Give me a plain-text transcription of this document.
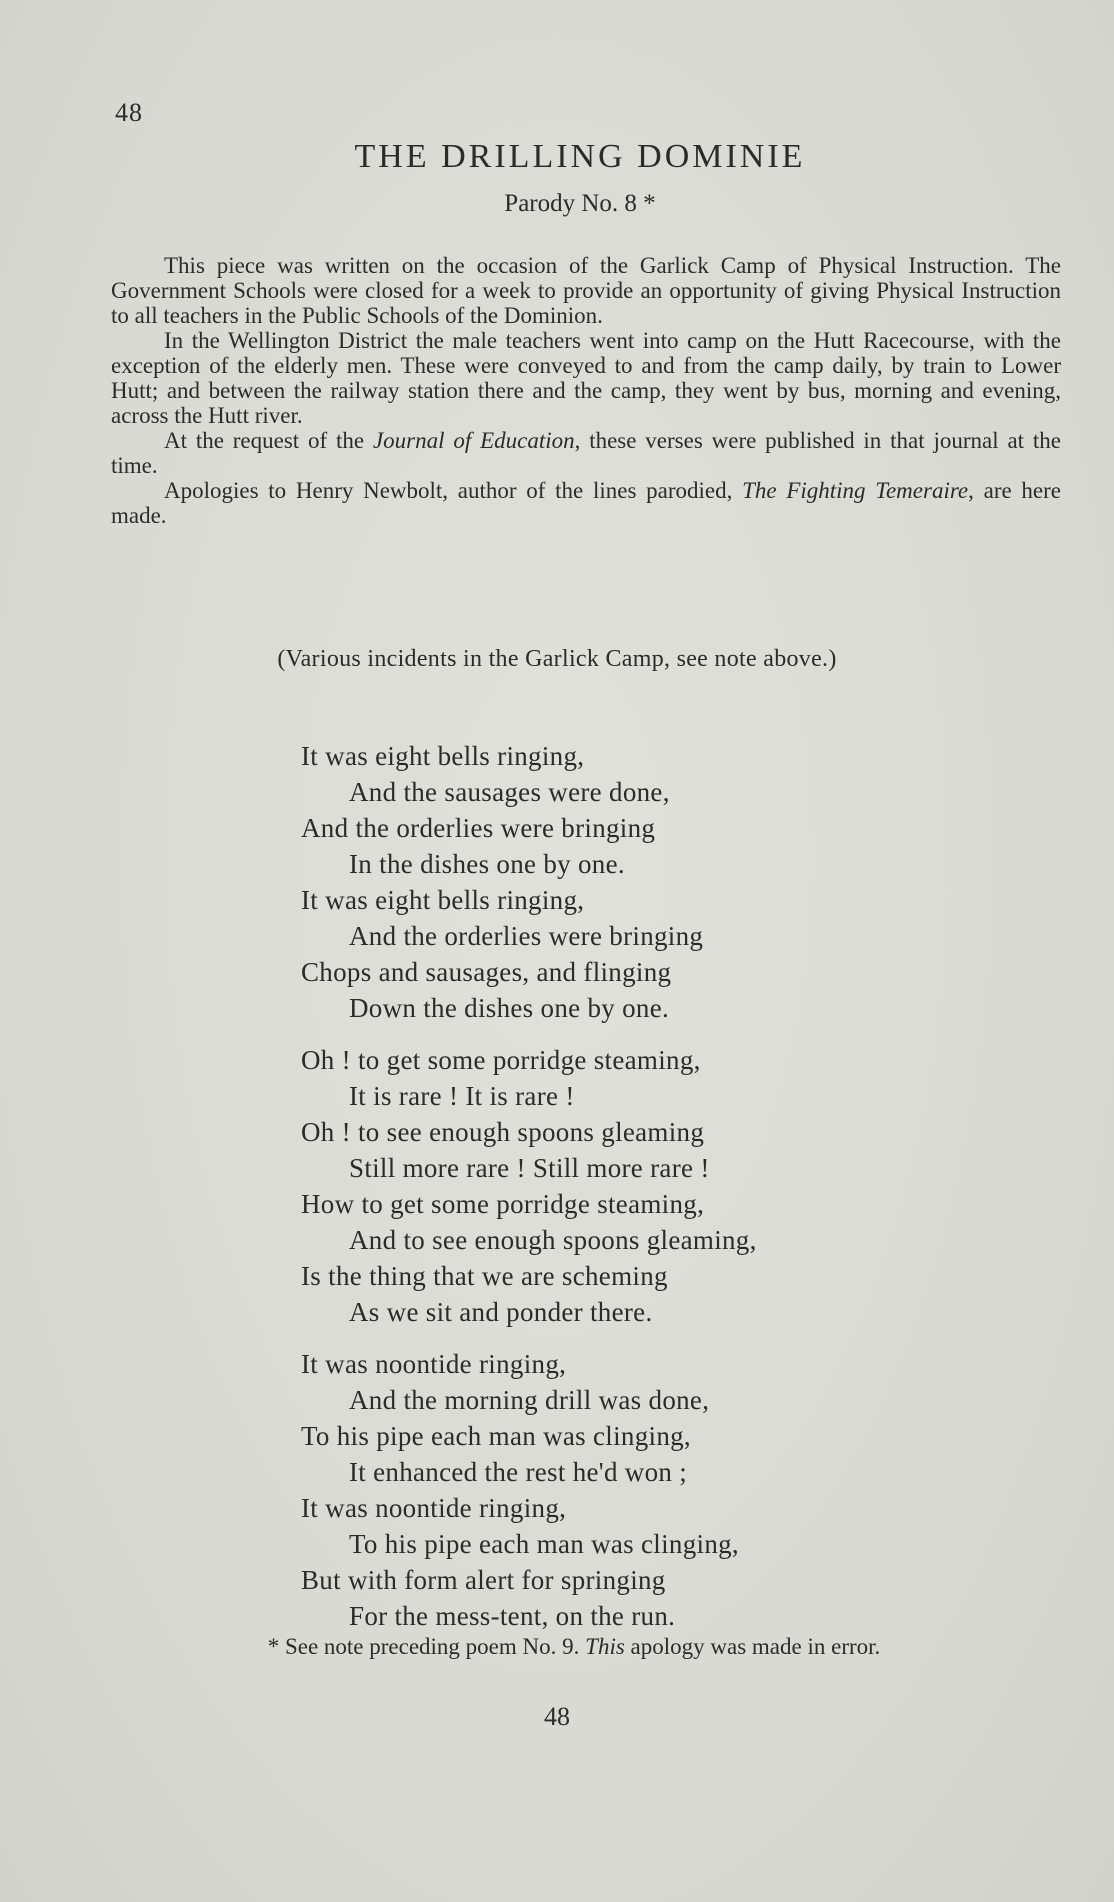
48
THE DRILLING DOMINIE
Parody No. 8 *

This piece was written on the occasion of the Garlick Camp of Physical Instruction. The Government Schools were closed for a week to provide an opportunity of giving Physical Instruction to all teachers in the Public Schools of the Dominion.

In the Wellington District the male teachers went into camp on the Hutt Racecourse, with the exception of the elderly men. These were conveyed to and from the camp daily, by train to Lower Hutt; and between the railway station there and the camp, they went by bus, morning and evening, across the Hutt river.

At the request of the Journal of Education, these verses were published in that journal at the time.

Apologies to Henry Newbolt, author of the lines parodied, The Fighting Temeraire, are here made.

(Various incidents in the Garlick Camp, see note above.)
It was eight bells ringing,
And the sausages were done,
And the orderlies were bringing
In the dishes one by one.
It was eight bells ringing,
And the orderlies were bringing
Chops and sausages, and flinging
Down the dishes one by one.
Oh ! to get some porridge steaming,
It is rare ! It is rare !
Oh ! to see enough spoons gleaming
Still more rare ! Still more rare !
How to get some porridge steaming,
And to see enough spoons gleaming,
Is the thing that we are scheming
As we sit and ponder there.
It was noontide ringing,
And the morning drill was done,
To his pipe each man was clinging,
It enhanced the rest he'd won ;
It was noontide ringing,
To his pipe each man was clinging,
But with form alert for springing
For the mess-tent, on the run.
* See note preceding poem No. 9. This apology was made in error.
48
